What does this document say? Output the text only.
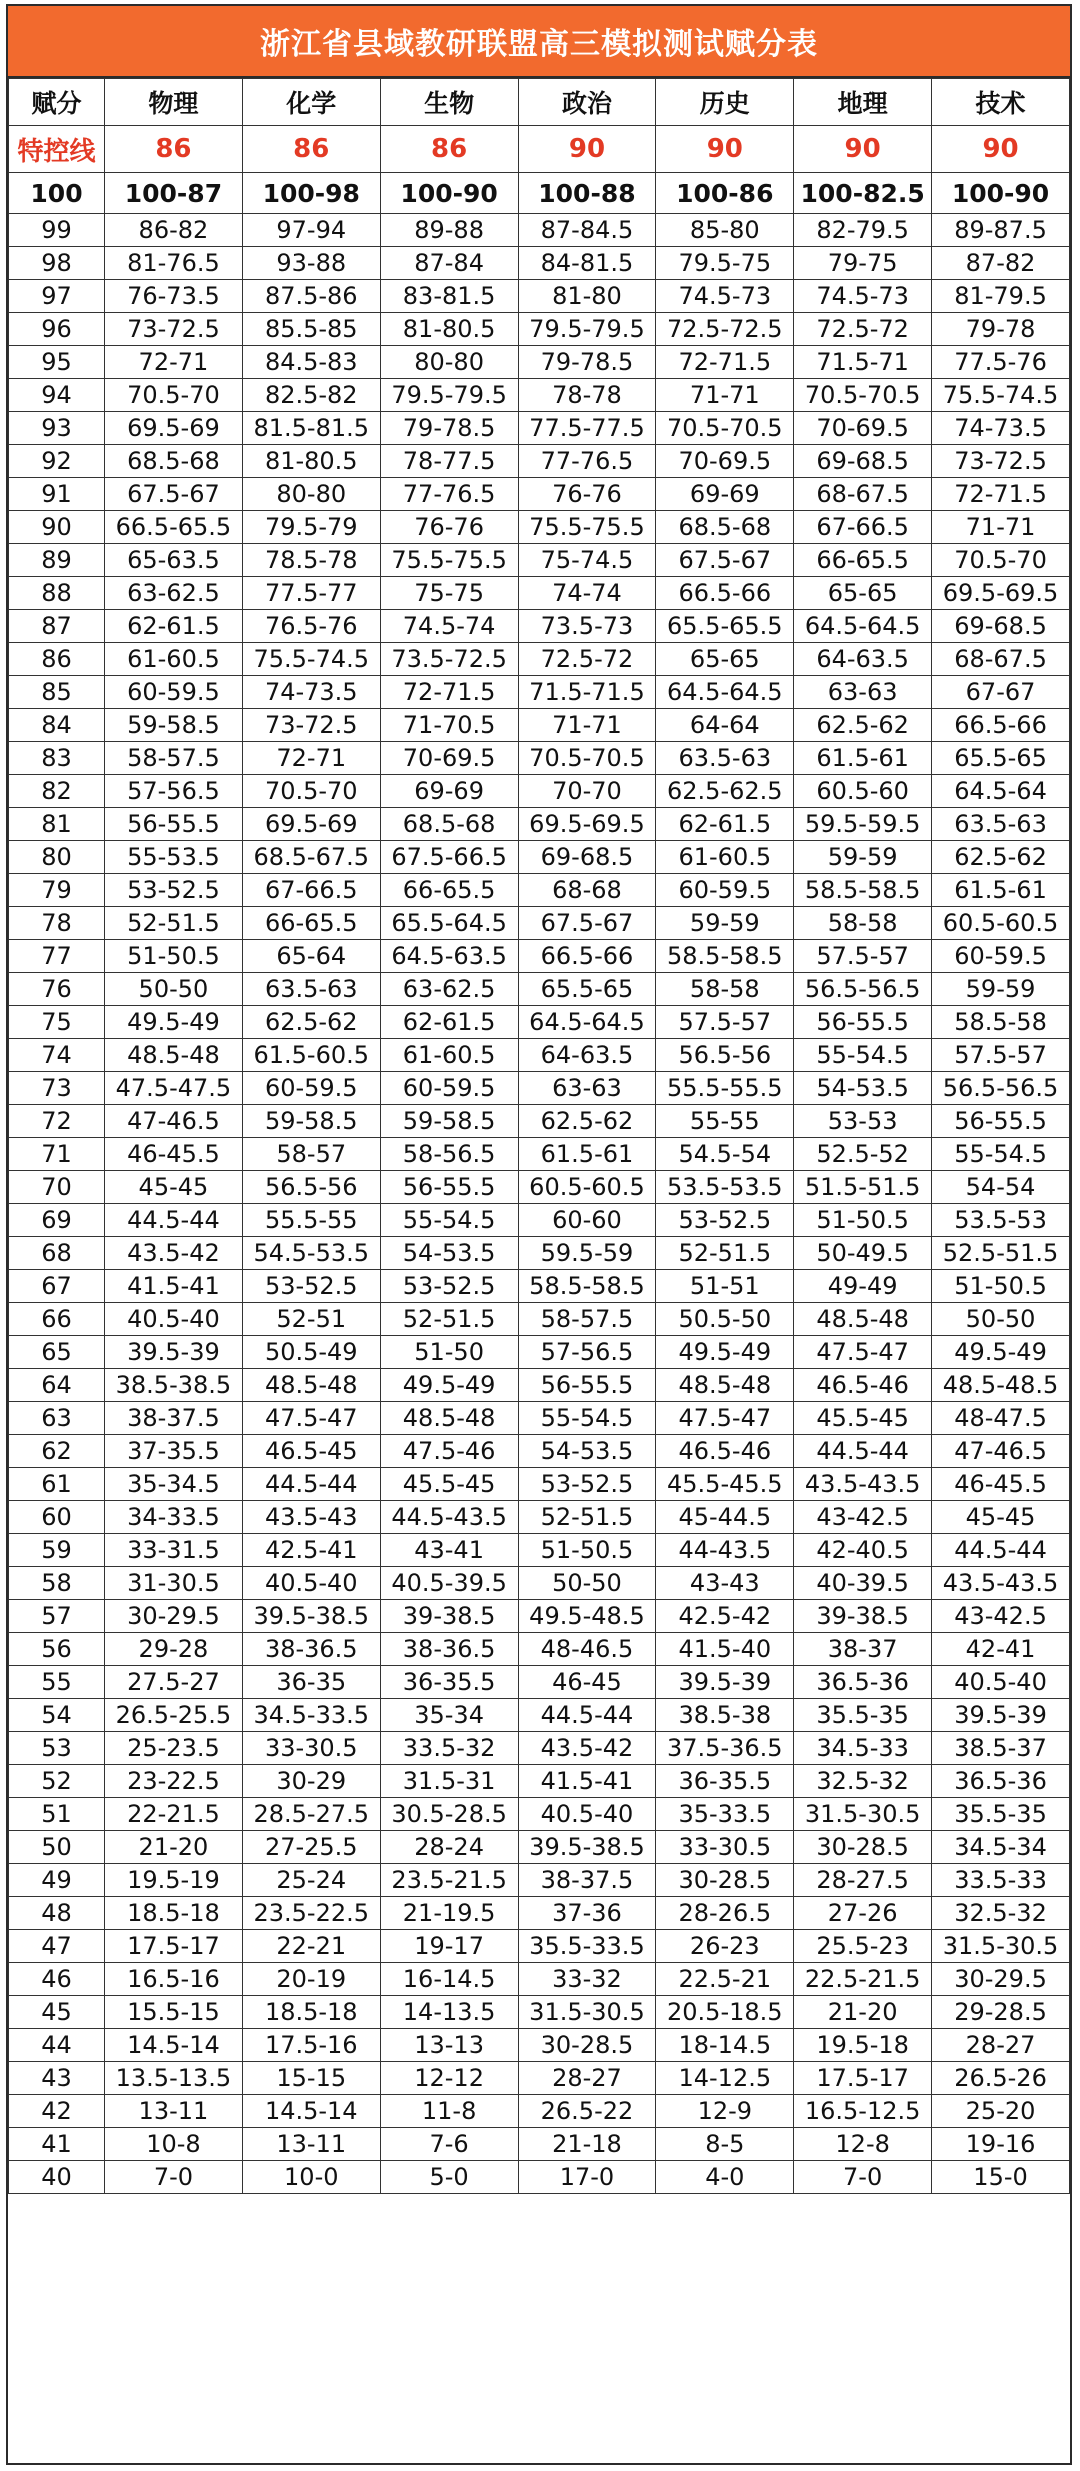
浙江省县域教研联盟高三模拟测试赋分表
赋分	物理	化学	生物	政治	历史	地理	技术
特控线	86	86	86	90	90	90	90
100	100-87	100-98	100-90	100-88	100-86	100-82.5	100-90
99	86-82	97-94	89-88	87-84.5	85-80	82-79.5	89-87.5
98	81-76.5	93-88	87-84	84-81.5	79.5-75	79-75	87-82
97	76-73.5	87.5-86	83-81.5	81-80	74.5-73	74.5-73	81-79.5
96	73-72.5	85.5-85	81-80.5	79.5-79.5	72.5-72.5	72.5-72	79-78
95	72-71	84.5-83	80-80	79-78.5	72-71.5	71.5-71	77.5-76
94	70.5-70	82.5-82	79.5-79.5	78-78	71-71	70.5-70.5	75.5-74.5
93	69.5-69	81.5-81.5	79-78.5	77.5-77.5	70.5-70.5	70-69.5	74-73.5
92	68.5-68	81-80.5	78-77.5	77-76.5	70-69.5	69-68.5	73-72.5
91	67.5-67	80-80	77-76.5	76-76	69-69	68-67.5	72-71.5
90	66.5-65.5	79.5-79	76-76	75.5-75.5	68.5-68	67-66.5	71-71
89	65-63.5	78.5-78	75.5-75.5	75-74.5	67.5-67	66-65.5	70.5-70
88	63-62.5	77.5-77	75-75	74-74	66.5-66	65-65	69.5-69.5
87	62-61.5	76.5-76	74.5-74	73.5-73	65.5-65.5	64.5-64.5	69-68.5
86	61-60.5	75.5-74.5	73.5-72.5	72.5-72	65-65	64-63.5	68-67.5
85	60-59.5	74-73.5	72-71.5	71.5-71.5	64.5-64.5	63-63	67-67
84	59-58.5	73-72.5	71-70.5	71-71	64-64	62.5-62	66.5-66
83	58-57.5	72-71	70-69.5	70.5-70.5	63.5-63	61.5-61	65.5-65
82	57-56.5	70.5-70	69-69	70-70	62.5-62.5	60.5-60	64.5-64
81	56-55.5	69.5-69	68.5-68	69.5-69.5	62-61.5	59.5-59.5	63.5-63
80	55-53.5	68.5-67.5	67.5-66.5	69-68.5	61-60.5	59-59	62.5-62
79	53-52.5	67-66.5	66-65.5	68-68	60-59.5	58.5-58.5	61.5-61
78	52-51.5	66-65.5	65.5-64.5	67.5-67	59-59	58-58	60.5-60.5
77	51-50.5	65-64	64.5-63.5	66.5-66	58.5-58.5	57.5-57	60-59.5
76	50-50	63.5-63	63-62.5	65.5-65	58-58	56.5-56.5	59-59
75	49.5-49	62.5-62	62-61.5	64.5-64.5	57.5-57	56-55.5	58.5-58
74	48.5-48	61.5-60.5	61-60.5	64-63.5	56.5-56	55-54.5	57.5-57
73	47.5-47.5	60-59.5	60-59.5	63-63	55.5-55.5	54-53.5	56.5-56.5
72	47-46.5	59-58.5	59-58.5	62.5-62	55-55	53-53	56-55.5
71	46-45.5	58-57	58-56.5	61.5-61	54.5-54	52.5-52	55-54.5
70	45-45	56.5-56	56-55.5	60.5-60.5	53.5-53.5	51.5-51.5	54-54
69	44.5-44	55.5-55	55-54.5	60-60	53-52.5	51-50.5	53.5-53
68	43.5-42	54.5-53.5	54-53.5	59.5-59	52-51.5	50-49.5	52.5-51.5
67	41.5-41	53-52.5	53-52.5	58.5-58.5	51-51	49-49	51-50.5
66	40.5-40	52-51	52-51.5	58-57.5	50.5-50	48.5-48	50-50
65	39.5-39	50.5-49	51-50	57-56.5	49.5-49	47.5-47	49.5-49
64	38.5-38.5	48.5-48	49.5-49	56-55.5	48.5-48	46.5-46	48.5-48.5
63	38-37.5	47.5-47	48.5-48	55-54.5	47.5-47	45.5-45	48-47.5
62	37-35.5	46.5-45	47.5-46	54-53.5	46.5-46	44.5-44	47-46.5
61	35-34.5	44.5-44	45.5-45	53-52.5	45.5-45.5	43.5-43.5	46-45.5
60	34-33.5	43.5-43	44.5-43.5	52-51.5	45-44.5	43-42.5	45-45
59	33-31.5	42.5-41	43-41	51-50.5	44-43.5	42-40.5	44.5-44
58	31-30.5	40.5-40	40.5-39.5	50-50	43-43	40-39.5	43.5-43.5
57	30-29.5	39.5-38.5	39-38.5	49.5-48.5	42.5-42	39-38.5	43-42.5
56	29-28	38-36.5	38-36.5	48-46.5	41.5-40	38-37	42-41
55	27.5-27	36-35	36-35.5	46-45	39.5-39	36.5-36	40.5-40
54	26.5-25.5	34.5-33.5	35-34	44.5-44	38.5-38	35.5-35	39.5-39
53	25-23.5	33-30.5	33.5-32	43.5-42	37.5-36.5	34.5-33	38.5-37
52	23-22.5	30-29	31.5-31	41.5-41	36-35.5	32.5-32	36.5-36
51	22-21.5	28.5-27.5	30.5-28.5	40.5-40	35-33.5	31.5-30.5	35.5-35
50	21-20	27-25.5	28-24	39.5-38.5	33-30.5	30-28.5	34.5-34
49	19.5-19	25-24	23.5-21.5	38-37.5	30-28.5	28-27.5	33.5-33
48	18.5-18	23.5-22.5	21-19.5	37-36	28-26.5	27-26	32.5-32
47	17.5-17	22-21	19-17	35.5-33.5	26-23	25.5-23	31.5-30.5
46	16.5-16	20-19	16-14.5	33-32	22.5-21	22.5-21.5	30-29.5
45	15.5-15	18.5-18	14-13.5	31.5-30.5	20.5-18.5	21-20	29-28.5
44	14.5-14	17.5-16	13-13	30-28.5	18-14.5	19.5-18	28-27
43	13.5-13.5	15-15	12-12	28-27	14-12.5	17.5-17	26.5-26
42	13-11	14.5-14	11-8	26.5-22	12-9	16.5-12.5	25-20
41	10-8	13-11	7-6	21-18	8-5	12-8	19-16
40	7-0	10-0	5-0	17-0	4-0	7-0	15-0
